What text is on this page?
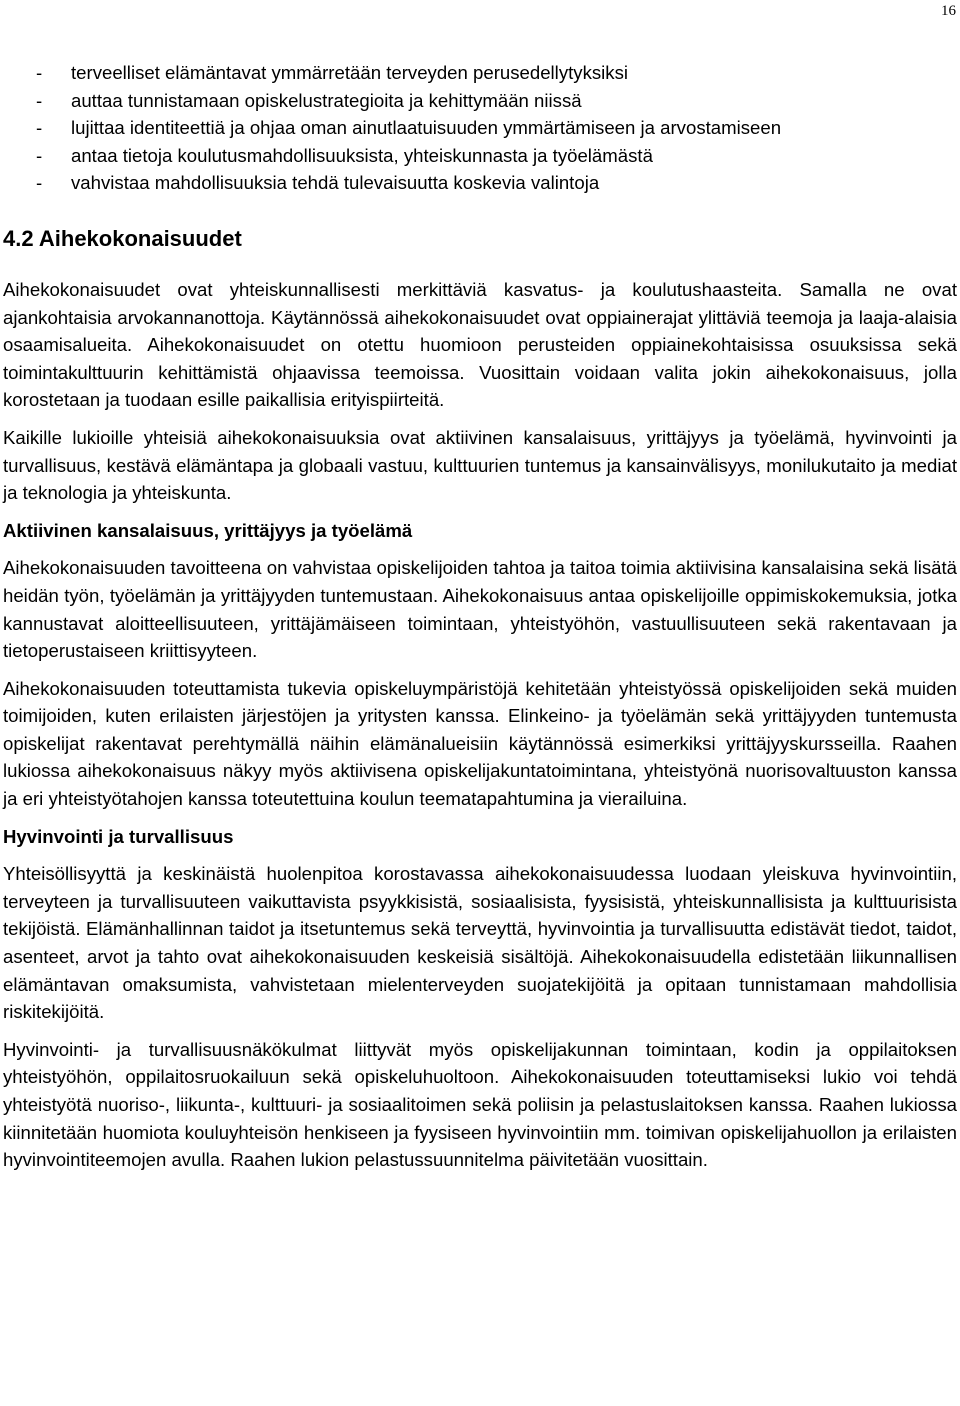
16
- terveelliset elämäntavat ymmärretään terveyden perusedellytyksiksi
- auttaa tunnistamaan opiskelustrategioita ja kehittymään niissä
- lujittaa identiteettiä ja ohjaa oman ainutlaatuisuuden ymmärtämiseen ja arvostamiseen
- antaa tietoja koulutusmahdollisuuksista, yhteiskunnasta ja työelämästä
- vahvistaa mahdollisuuksia tehdä tulevaisuutta koskevia valintoja
4.2 Aihekokonaisuudet

Aihekokonaisuudet ovat yhteiskunnallisesti merkittäviä kasvatus- ja koulutushaasteita. Samalla ne ovat ajankohtaisia arvokannanottoja. Käytännössä aihekokonaisuudet ovat oppiainerajat ylittäviä teemoja ja laaja-alaisia osaamisalueita. Aihekokonaisuudet on otettu huomioon perusteiden oppiainekohtaisissa osuuksissa sekä toimintakulttuurin kehittämistä ohjaavissa teemoissa. Vuosittain voidaan valita jokin aihekokonaisuus, jolla korostetaan ja tuodaan esille paikallisia erityispiirteitä.

Kaikille lukioille yhteisiä aihekokonaisuuksia ovat aktiivinen kansalaisuus, yrittäjyys ja työelämä, hyvinvointi ja turvallisuus, kestävä elämäntapa ja globaali vastuu, kulttuurien tuntemus ja kansainvälisyys, monilukutaito ja mediat ja teknologia ja yhteiskunta.

Aktiivinen kansalaisuus, yrittäjyys ja työelämä

Aihekokonaisuuden tavoitteena on vahvistaa opiskelijoiden tahtoa ja taitoa toimia aktiivisina kansalaisina sekä lisätä heidän työn, työelämän ja yrittäjyyden tuntemustaan. Aihekokonaisuus antaa opiskelijoille oppimiskokemuksia, jotka kannustavat aloitteellisuuteen, yrittäjämäiseen toimintaan, yhteistyöhön, vastuullisuuteen sekä rakentavaan ja tietoperustaiseen kriittisyyteen.

Aihekokonaisuuden toteuttamista tukevia opiskeluympäristöjä kehitetään yhteistyössä opiskelijoiden sekä muiden toimijoiden, kuten erilaisten järjestöjen ja yritysten kanssa. Elinkeino- ja työelämän sekä yrittäjyyden tuntemusta opiskelijat rakentavat perehtymällä näihin elämänalueisiin käytännössä esimerkiksi yrittäjyyskursseilla. Raahen lukiossa aihekokonaisuus näkyy myös aktiivisena opiskelijakuntatoimintana, yhteistyönä nuorisovaltuuston kanssa ja eri yhteistyötahojen kanssa toteutettuina koulun teematapahtumina ja vierailuina.

Hyvinvointi ja turvallisuus

Yhteisöllisyyttä ja keskinäistä huolenpitoa korostavassa aihekokonaisuudessa luodaan yleiskuva hyvinvointiin, terveyteen ja turvallisuuteen vaikuttavista psyykkisistä, sosiaalisista, fyysisistä, yhteiskunnallisista ja kulttuurisista tekijöistä. Elämänhallinnan taidot ja itsetuntemus sekä terveyttä, hyvinvointia ja turvallisuutta edistävät tiedot, taidot, asenteet, arvot ja tahto ovat aihekokonaisuuden keskeisiä sisältöjä. Aihekokonaisuudella edistetään liikunnallisen elämäntavan omaksumista, vahvistetaan mielenterveyden suojatekijöitä ja opitaan tunnistamaan mahdollisia riskitekijöitä.

Hyvinvointi- ja turvallisuusnäkökulmat liittyvät myös opiskelijakunnan toimintaan, kodin ja oppilaitoksen yhteistyöhön, oppilaitosruokailuun sekä opiskeluhuoltoon. Aihekokonaisuuden toteuttamiseksi lukio voi tehdä yhteistyötä nuoriso-, liikunta-, kulttuuri- ja sosiaalitoimen sekä poliisin ja pelastuslaitoksen kanssa. Raahen lukiossa kiinnitetään huomiota kouluyhteisön henkiseen ja fyysiseen hyvinvointiin mm. toimivan opiskelijahuollon ja erilaisten hyvinvointiteemojen avulla. Raahen lukion pelastussuunnitelma päivitetään vuosittain.
